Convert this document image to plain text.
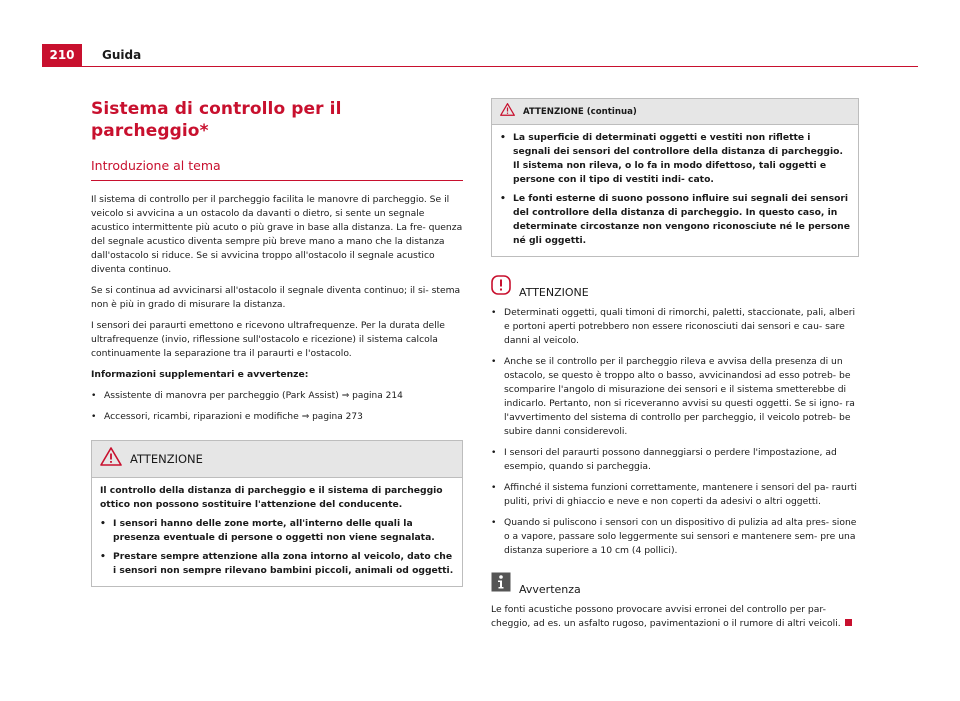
210	Guida
Sistema di controllo per il parcheggio*
Introduzione al tema

Il sistema di controllo per il parcheggio facilita le manovre di parcheggio. Se il veicolo si avvicina a un ostacolo da davanti o dietro, si sente un segnale acustico intermittente più acuto o più grave in base alla distanza. La fre- quenza del segnale acustico diventa sempre più breve mano a mano che la distanza dall'ostacolo si riduce. Se si avvicina troppo all'ostacolo il segnale acustico diventa continuo.

Se si continua ad avvicinarsi all'ostacolo il segnale diventa continuo; il si- stema non è più in grado di misurare la distanza.

I sensori dei paraurti emettono e ricevono ultrafrequenze. Per la durata delle ultrafrequenze (invio, riflessione sull'ostacolo e ricezione) il sistema calcola continuamente la separazione tra il paraurti e l'ostacolo.

Informazioni supplementari e avvertenze:

• Assistente di manovra per parcheggio (Park Assist) ⇒ pagina 214
• Accessori, ricambi, riparazioni e modifiche ⇒ pagina 273
ATTENZIONE

Il controllo della distanza di parcheggio e il sistema di parcheggio ottico non possono sostituire l'attenzione del conducente.

• I sensori hanno delle zone morte, all'interno delle quali la presenza eventuale di persone o oggetti non viene segnalata.
• Prestare sempre attenzione alla zona intorno al veicolo, dato che i sensori non sempre rilevano bambini piccoli, animali od oggetti.
ATTENZIONE (continua)
• La superficie di determinati oggetti e vestiti non riflette i segnali dei sensori del controllore della distanza di parcheggio. Il sistema non rileva, o lo fa in modo difettoso, tali oggetti e persone con il tipo di vestiti indi- cato.
• Le fonti esterne di suono possono influire sui segnali dei sensori del controllore della distanza di parcheggio. In questo caso, in determinate circostanze non vengono riconosciute né le persone né gli oggetti.
ATTENZIONE
• Determinati oggetti, quali timoni di rimorchi, paletti, staccionate, pali, alberi e portoni aperti potrebbero non essere riconosciuti dai sensori e cau- sare danni al veicolo.
• Anche se il controllo per il parcheggio rileva e avvisa della presenza di un ostacolo, se questo è troppo alto o basso, avvicinandosi ad esso potreb- be scomparire l'angolo di misurazione dei sensori e il sistema smetterebbe di indicarlo. Pertanto, non si riceveranno avvisi su questi oggetti. Se si igno- ra l'avvertimento del sistema di controllo per parcheggio, il veicolo potreb- be subire danni considerevoli.
• I sensori del paraurti possono danneggiarsi o perdere l'impostazione, ad esempio, quando si parcheggia.
• Affinché il sistema funzioni correttamente, mantenere i sensori del pa- raurti puliti, privi di ghiaccio e neve e non coperti da adesivi o altri oggetti.
• Quando si puliscono i sensori con un dispositivo di pulizia ad alta pres- sione o a vapore, passare solo leggermente sui sensori e mantenere sem- pre una distanza superiore a 10 cm (4 pollici).
Avvertenza

Le fonti acustiche possono provocare avvisi erronei del controllo per par- cheggio, ad es. un asfalto rugoso, pavimentazioni o il rumore di altri veicoli.
